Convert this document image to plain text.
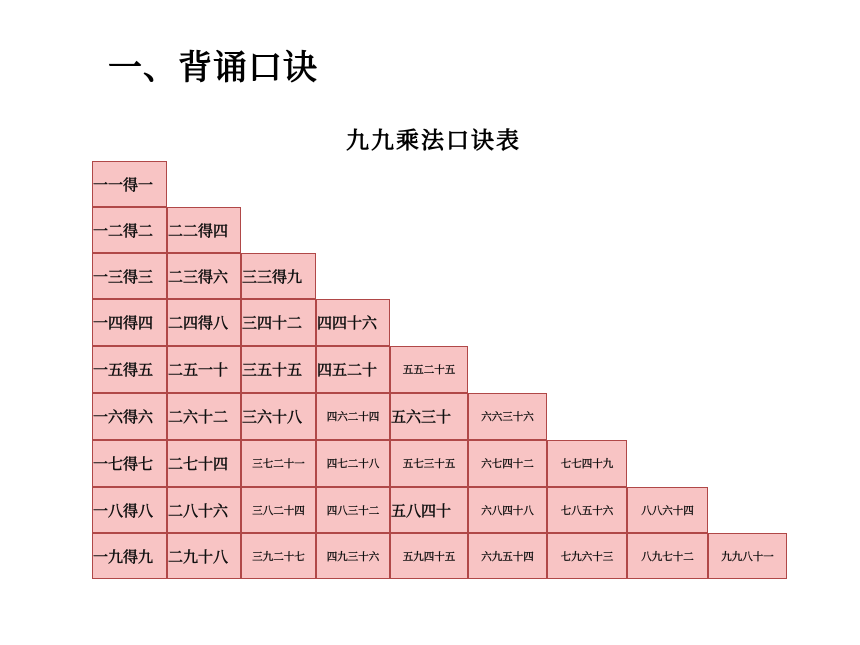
一、背诵口诀
九九乘法口诀表
一一得一
一二得二 二二得四
一三得三 二三得六 三三得九
一四得四 二四得八 三四十二 四四十六
一五得五 二五一十 三五十五 四五二十	五五二十五
一六得六 二六十二 三六十八	四六二十四 五六三十	六六三十六
一七得七 二七十四	三七二十一	四七二十八	五七三十五	六七四十二	七七四十九
一八得八 二八十六	三八二十四	四八三十二 五八四十	六八四十八	七八五十六	八八六十四
一九得九 二九十八	三九二十七	四九三十六	五九四十五	六九五十四	七九六十三	八九七十二	九九八十一
